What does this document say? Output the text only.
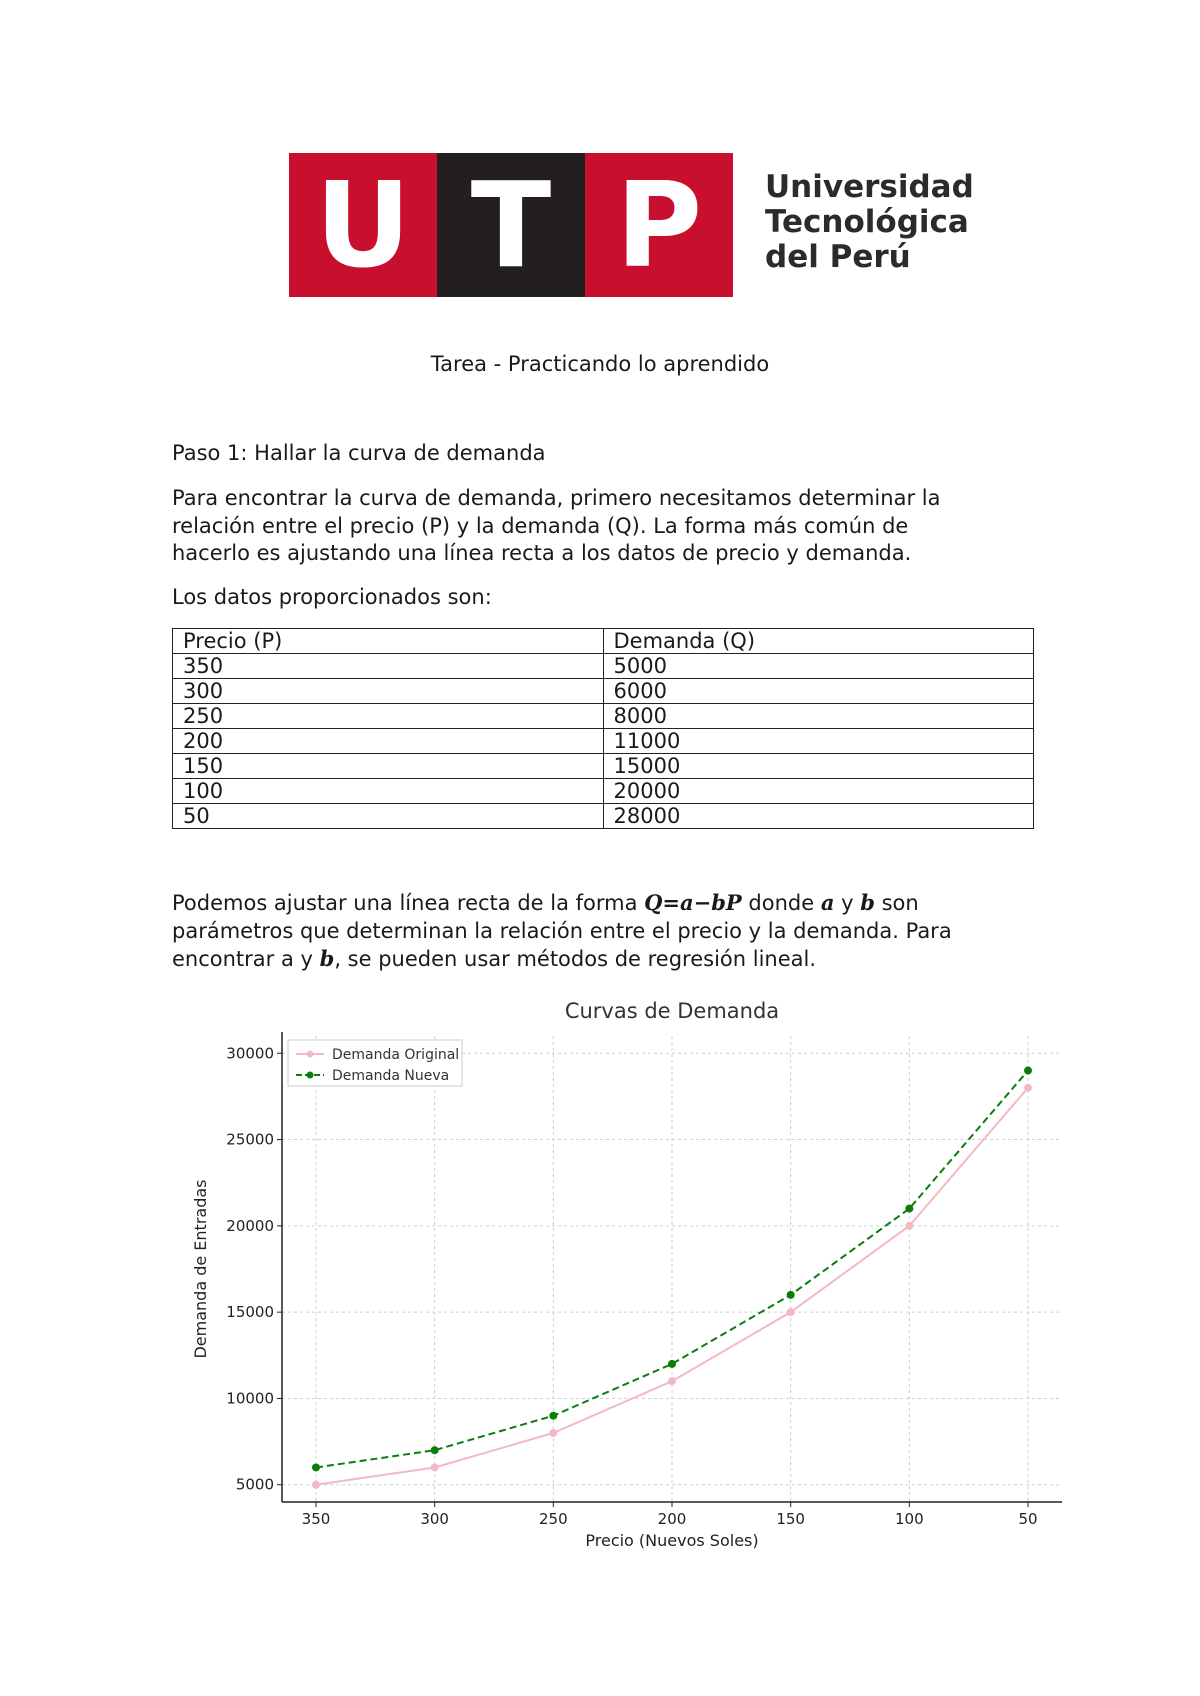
U T P	Universidad
Tecnológica
del Perú
Tarea - Practicando lo aprendido
Paso 1: Hallar la curva de demanda
Para encontrar la curva de demanda, primero necesitamos determinar la
relación entre el precio (P) y la demanda (Q). La forma más común de
hacerlo es ajustando una línea recta a los datos de precio y demanda.
Los datos proporcionados son:
Precio (P)	Demanda (Q)
350	5000
300	6000
250	8000
200	11000
150	15000
100	20000
50	28000
Podemos ajustar una línea recta de la forma Q=a−bP donde a y b son
parámetros que determinan la relación entre el precio y la demanda. Para
encontrar a y b, se pueden usar métodos de regresión lineal.
5000
10000
15000
20000
25000
30000
350	300	250	200	150	100	50
Curvas de Demanda
Precio (Nuevos Soles)
Demanda de Entradas
Demanda Original
Demanda Nueva
